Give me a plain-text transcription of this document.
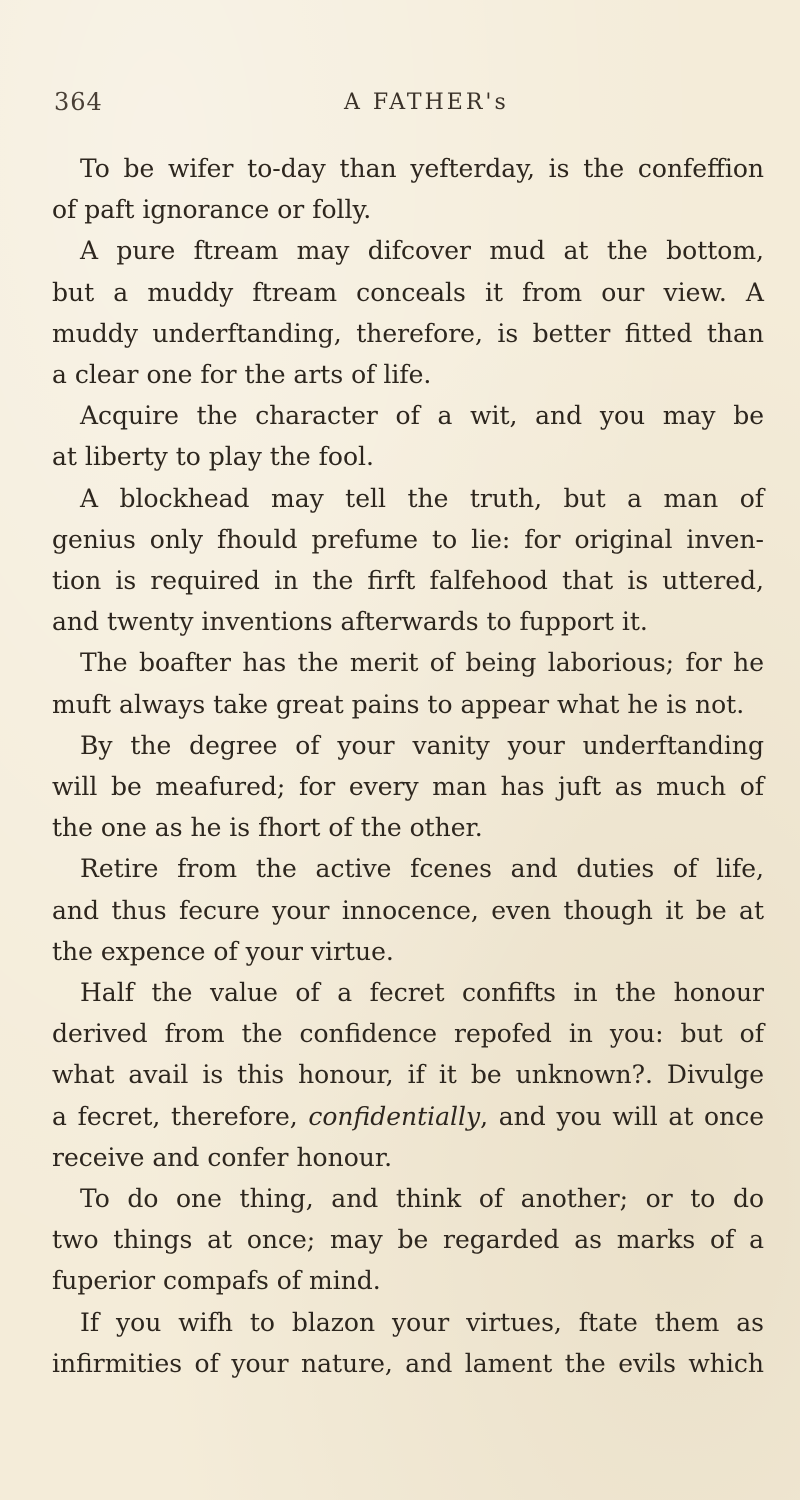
364	A FATHER's
To be wifer to-day than yefterday, is the confeffion
of paft ignorance or folly.
A pure ftream may difcover mud at the bottom,
but a muddy ftream conceals it from our view. A
muddy underftanding, therefore, is better fitted than
a clear one for the arts of life.
Acquire the character of a wit, and you may be
at liberty to play the fool.
A blockhead may tell the truth, but a man of
genius only fhould prefume to lie: for original inven-
tion is required in the firft falfehood that is uttered,
and twenty inventions afterwards to fupport it.
The boafter has the merit of being laborious; for he
muft always take great pains to appear what he is not.
By the degree of your vanity your underftanding
will be meafured; for every man has juft as much of
the one as he is fhort of the other.
Retire from the active fcenes and duties of life,
and thus fecure your innocence, even though it be at
the expence of your virtue.
Half the value of a fecret confifts in the honour
derived from the confidence repofed in you: but of
what avail is this honour, if it be unknown?. Divulge
a fecret, therefore, confidentially, and you will at once
receive and confer honour.
To do one thing, and think of another; or to do
two things at once; may be regarded as marks of a
fuperior compafs of mind.
If you wifh to blazon your virtues, ftate them as
infirmities of your nature, and lament the evils which
